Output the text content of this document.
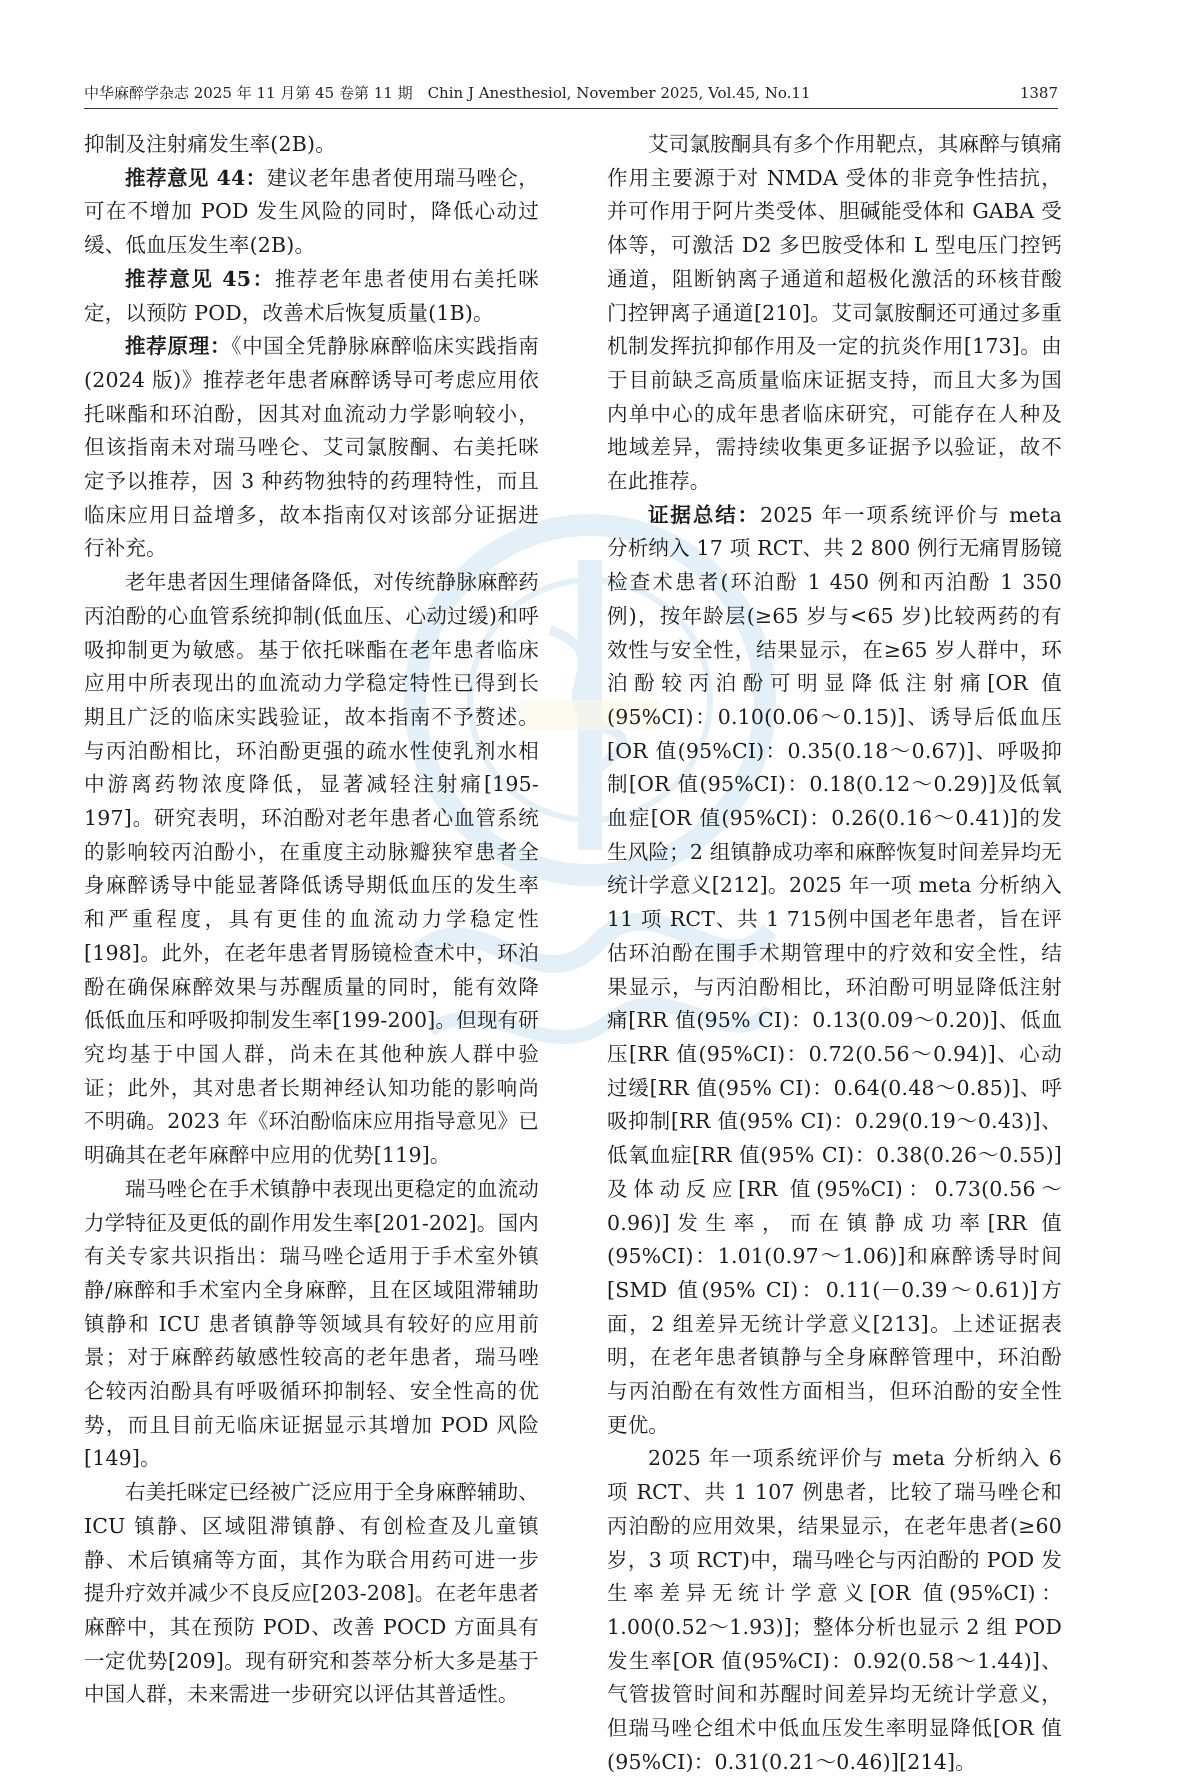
中华麻醉学杂志 2025 年 11 月第 45 卷第 11 期　Chin J Anesthesiol, November 2025, Vol.45, No.11	1387

抑制及注射痛发生率(2B)。

推荐意见 44：建议老年患者使用瑞马唑仑，可在不增加 POD 发生风险的同时，降低心动过缓、低血压发生率(2B)。

推荐意见 45：推荐老年患者使用右美托咪定，以预防 POD，改善术后恢复质量(1B)。

推荐原理：《中国全凭静脉麻醉临床实践指南(2024 版)》推荐老年患者麻醉诱导可考虑应用依托咪酯和环泊酚，因其对血流动力学影响较小，但该指南未对瑞马唑仑、艾司氯胺酮、右美托咪定予以推荐，因 3 种药物独特的药理特性，而且临床应用日益增多，故本指南仅对该部分证据进行补充。

老年患者因生理储备降低，对传统静脉麻醉药丙泊酚的心血管系统抑制(低血压、心动过缓)和呼吸抑制更为敏感。基于依托咪酯在老年患者临床应用中所表现出的血流动力学稳定特性已得到长期且广泛的临床实践验证，故本指南不予赘述。与丙泊酚相比，环泊酚更强的疏水性使乳剂水相中游离药物浓度降低，显著减轻注射痛[195-197]。研究表明，环泊酚对老年患者心血管系统的影响较丙泊酚小，在重度主动脉瓣狭窄患者全身麻醉诱导中能显著降低诱导期低血压的发生率和严重程度，具有更佳的血流动力学稳定性[198]。此外，在老年患者胃肠镜检查术中，环泊酚在确保麻醉效果与苏醒质量的同时，能有效降低低血压和呼吸抑制发生率[199-200]。但现有研究均基于中国人群，尚未在其他种族人群中验证；此外，其对患者长期神经认知功能的影响尚不明确。2023 年《环泊酚临床应用指导意见》已明确其在老年麻醉中应用的优势[119]。

瑞马唑仑在手术镇静中表现出更稳定的血流动力学特征及更低的副作用发生率[201-202]。国内有关专家共识指出：瑞马唑仑适用于手术室外镇静/麻醉和手术室内全身麻醉，且在区域阻滞辅助镇静和 ICU 患者镇静等领域具有较好的应用前景；对于麻醉药敏感性较高的老年患者，瑞马唑仑较丙泊酚具有呼吸循环抑制轻、安全性高的优势，而且目前无临床证据显示其增加 POD 风险[149]。

右美托咪定已经被广泛应用于全身麻醉辅助、ICU 镇静、区域阻滞镇静、有创检查及儿童镇静、术后镇痛等方面，其作为联合用药可进一步提升疗效并减少不良反应[203-208]。在老年患者麻醉中，其在预防 POD、改善 POCD 方面具有一定优势[209]。现有研究和荟萃分析大多是基于中国人群，未来需进一步研究以评估其普适性。

艾司氯胺酮具有多个作用靶点，其麻醉与镇痛作用主要源于对 NMDA 受体的非竞争性拮抗，并可作用于阿片类受体、胆碱能受体和 GABA 受体等，可激活 D2 多巴胺受体和 L 型电压门控钙通道，阻断钠离子通道和超极化激活的环核苷酸门控钾离子通道[210]。艾司氯胺酮还可通过多重机制发挥抗抑郁作用及一定的抗炎作用[173]。由于目前缺乏高质量临床证据支持，而且大多为国内单中心的成年患者临床研究，可能存在人种及地域差异，需持续收集更多证据予以验证，故不在此推荐。

证据总结：2025 年一项系统评价与 meta 分析纳入 17 项 RCT、共 2 800 例行无痛胃肠镜检查术患者(环泊酚 1 450 例和丙泊酚 1 350 例)，按年龄层(≥65 岁与<65 岁)比较两药的有效性与安全性，结果显示，在≥65 岁人群中，环泊酚较丙泊酚可明显降低注射痛[OR 值(95%CI)：0.10(0.06～0.15)]、诱导后低血压[OR 值(95%CI)：0.35(0.18～0.67)]、呼吸抑制[OR 值(95%CI)：0.18(0.12～0.29)]及低氧血症[OR 值(95%CI)：0.26(0.16～0.41)]的发生风险；2 组镇静成功率和麻醉恢复时间差异均无统计学意义[212]。2025 年一项 meta 分析纳入 11 项 RCT、共 1 715例中国老年患者，旨在评估环泊酚在围手术期管理中的疗效和安全性，结果显示，与丙泊酚相比，环泊酚可明显降低注射痛[RR 值(95% CI)：0.13(0.09～0.20)]、低血压[RR 值(95%CI)：0.72(0.56～0.94)]、心动过缓[RR 值(95% CI)：0.64(0.48～0.85)]、呼吸抑制[RR 值(95% CI)：0.29(0.19～0.43)]、低氧血症[RR 值(95% CI)：0.38(0.26～0.55)]及体动反应[RR 值(95%CI)：0.73(0.56～0.96)]发生率，而在镇静成功率[RR 值(95%CI)：1.01(0.97～1.06)]和麻醉诱导时间[SMD 值(95% CI)：0.11(－0.39～0.61)]方面，2 组差异无统计学意义[213]。上述证据表明，在老年患者镇静与全身麻醉管理中，环泊酚与丙泊酚在有效性方面相当，但环泊酚的安全性更优。

2025 年一项系统评价与 meta 分析纳入 6 项 RCT、共 1 107 例患者，比较了瑞马唑仑和丙泊酚的应用效果，结果显示，在老年患者(≥60 岁，3 项 RCT)中，瑞马唑仑与丙泊酚的 POD 发生率差异无统计学意义[OR 值(95%CI)：1.00(0.52～1.93)]；整体分析也显示 2 组 POD 发生率[OR 值(95%CI)：0.92(0.58～1.44)]、气管拔管时间和苏醒时间差异均无统计学意义，但瑞马唑仑组术中低血压发生率明显降低[OR 值(95%CI)：0.31(0.21～0.46)][214]。
